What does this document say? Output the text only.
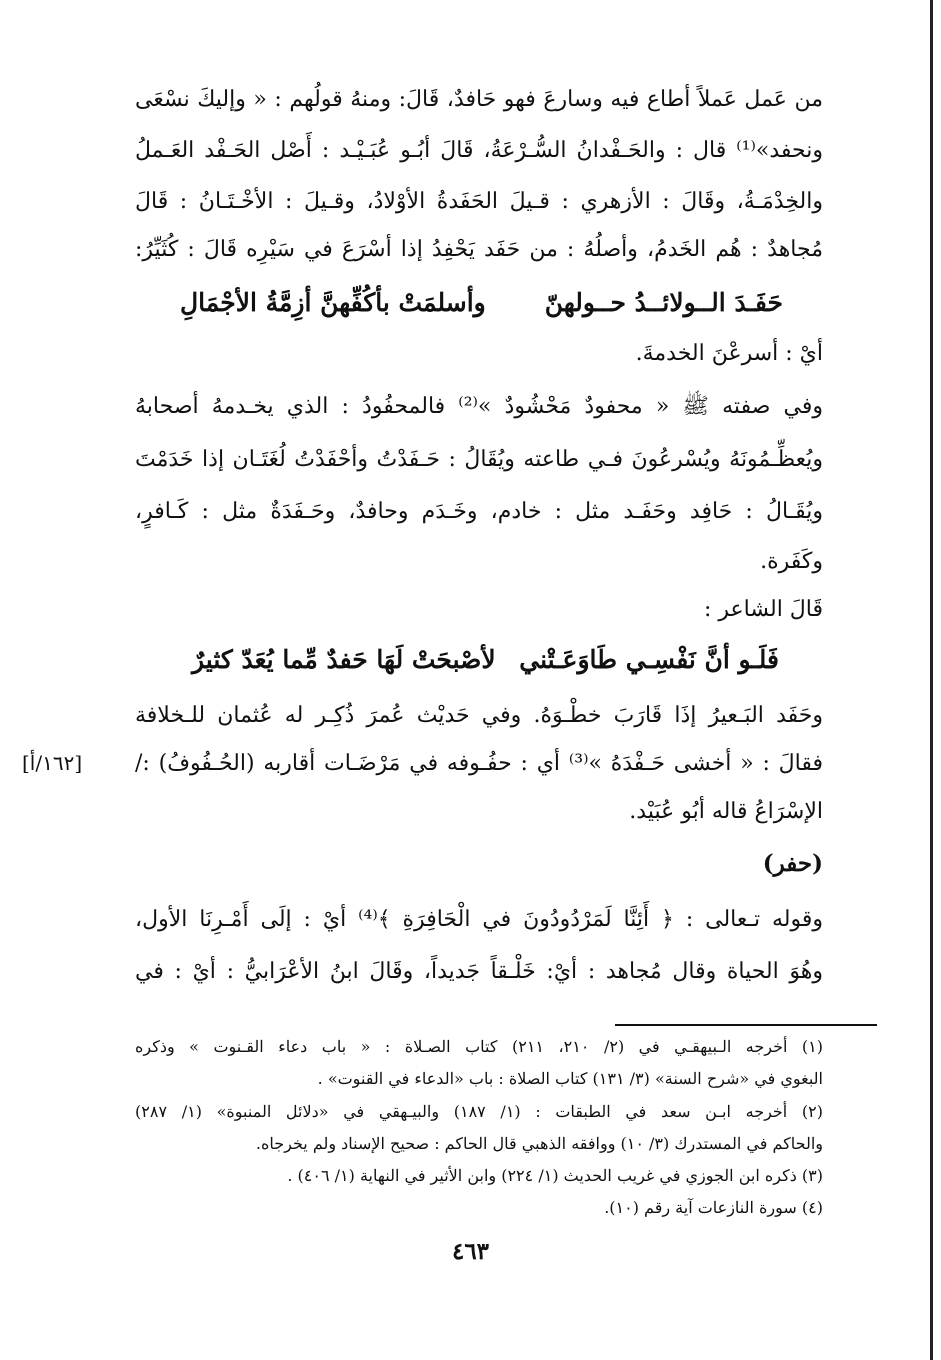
من عَمل عَملاً أطاع فيه وسارعَ فهو حَافدٌ، قَالَ: ومنهُ قولُهم : « وإليكَ نسْعَى
ونحفد»⁽¹⁾ قال : والحَـفْدانُ السُّـرْعَةُ، قَالَ أبُـو عُبَـيْـد : أَصْل الحَـفْد العَـملُ
والخِدْمَـةُ، وقَالَ : الأزهري : قـيلَ الحَفَدةُ الأوْلادُ، وقـيلَ : الأخْـتَـانُ : قَالَ
مُجاهدٌ : هُم الخَدمُ، وأصلُهُ : من حَفَد يَحْفِدُ إذا أسْرَعَ في سَيْرِه قَالَ : كُثَيِّرُ:
حَفَـدَ الــولائــدُ حــولهنّ
وأسلمَتْ بأكُفِّهنَّ أزِمَّةُ الأجْمَالِ
أيْ : أسرعْنَ الخدمةَ.
وفي صفته ﷺ « محفودٌ مَحْشُودٌ »⁽²⁾ فالمحفُودُ : الذي يخـدمهُ أصحابهُ
ويُعظِّـمُونَهُ ويُسْرعُونَ فـي طاعته ويُقَالُ : حَـفَدْتُ وأحْفَدْتُ لُغَتَـان إذا خَدَمْتَ
ويُقَـالُ : حَافِد وحَفَـد مثل : خادم، وخَـدَم وحافدٌ، وحَـفَدَةٌ مثل : كَـافرٍ،
وكَفَرة.
قَالَ الشاعر :
فَلَـو أنَّ نَفْسِـي طَاوَعَـتْني
لأصْبحَتْ لَهَا حَفدٌ مِّما يُعَدّ كثيرٌ
وحَفَد البَـعيرُ إذَا قَارَبَ خطْـوَهُ. وفي حَديْث عُمرَ ذُكِـر له عُثمان للـخلافة
فقالَ : « أخشى حَـفْدَهُ »⁽³⁾ أي : حفُـوفه في مَرْضَـات أقاربه (الحُـفُوفُ) :/
[١٦٢/أ]
الإسْرَاعُ قاله أبُو عُبَيْد.
(حفر)
وقوله تـعالى : ﴿ أَئِنَّا لَمَرْدُودُونَ في الْحَافِرَةِ ﴾⁽⁴⁾ أيْ : إلَى أَمْـرِنَا الأول،
وهُوَ الحياة وقال مُجاهد : أيْ: خَلْـقاً جَديداً، وقَالَ ابنُ الأعْرَابيُّ : أيْ : في
(١) أخرجه الـبيهقـي في (٢/ ٢١٠، ٢١١) كتاب الصـلاة : « باب دعاء القـنوت » وذكره
البغوي في «شرح السنة» (٣/ ١٣١) كتاب الصلاة : باب «الدعاء في القنوت» .
(٢) أخرجه ابـن سعد في الطبقات : (١/ ١٨٧) والبيـهقي في «دلائل المنبوة» (١/ ٢٨٧)
والحاكم في المستدرك (٣/ ١٠) ووافقه الذهبي قال الحاكم : صحيح الإسناد ولم يخرجاه.
(٣) ذكره ابن الجوزي في غريب الحديث (١/ ٢٢٤) وابن الأثير في النهاية (١/ ٤٠٦) .
(٤) سورة النازعات آية رقم (١٠).
٤٦٣
